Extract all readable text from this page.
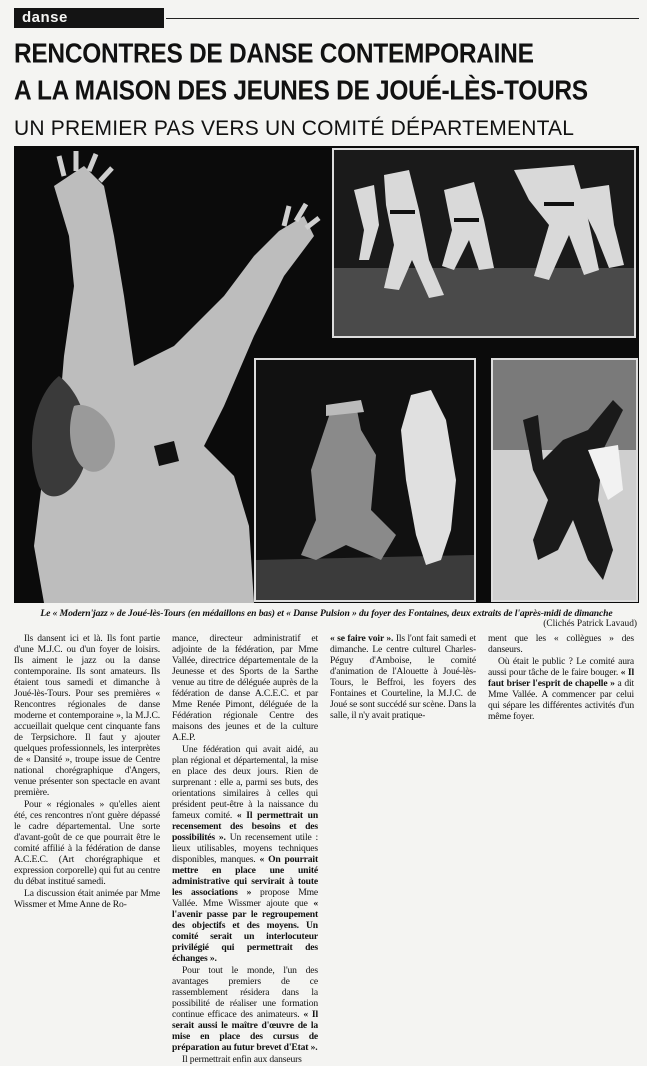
danse
RENCONTRES DE DANSE CONTEMPORAINE
A LA MAISON DES JEUNES DE JOUÉ-LÈS-TOURS
UN PREMIER PAS VERS UN COMITÉ DÉPARTEMENTAL
Le « Modern'jazz » de Joué-lès-Tours (en médaillons en bas) et « Danse Pulsion » du foyer des Fontaines, deux extraits de l'après-midi de dimanche
(Clichés Patrick Lavaud)

Ils dansent ici et là. Ils font partie d'une M.J.C. ou d'un foyer de loisirs. Ils aiment le jazz ou la danse contemporaine. Ils sont amateurs. Ils étaient tous samedi et dimanche à Joué-lès-Tours. Pour ses premières « Rencontres régionales de danse moderne et contemporaine », la M.J.C. accueillait quelque cent cinquante fans de Terpsichore. Il faut y ajouter quelques professionnels, les interprètes de « Dansité », troupe issue de Centre national chorégraphique d'Angers, venue présenter son spectacle en avant première.

Pour « régionales » qu'elles aient été, ces rencontres n'ont guère dépassé le cadre départemental. Une sorte d'avant-goût de ce que pourrait être le comité affilié à la fédération de danse A.C.E.C. (Art chorégraphique et expression corporelle) qui fut au centre du débat institué samedi.

La discussion était animée par Mme Wissmer et Mme Anne de Ro-

mance, directeur administratif et adjointe de la fédération, par Mme Vallée, directrice départementale de la Jeunesse et des Sports de la Sarthe venue au titre de déléguée auprès de la fédération de danse A.C.E.C. et par Mme Renée Pimont, déléguée de la Fédération régionale Centre des maisons des jeunes et de la culture A.E.P.

Une fédération qui avait aidé, au plan régional et départemental, la mise en place des deux jours. Rien de surprenant : elle a, parmi ses buts, des orientations similaires à celles qui président peut-être à la naissance du fameux comité. « Il permettrait un recensement des besoins et des possibilités ». Un recensement utile : lieux utilisables, moyens techniques disponibles, manques. « On pourrait mettre en place une unité administrative qui servirait à toute les associations » propose Mme Vallée. Mme Wissmer ajoute que « l'avenir passe par le regroupement des objectifs et des moyens. Un comité serait un interlocuteur privilégié qui permettrait des échanges ».

Pour tout le monde, l'un des avantages premiers de ce rassemblement résidera dans la possibilité de réaliser une formation continue efficace des animateurs. « Il serait aussi le maître d'œuvre de la mise en place des cursus de préparation au futur brevet d'Etat ».

Il permettrait enfin aux danseurs

« se faire voir ». Ils l'ont fait samedi et dimanche. Le centre culturel Charles-Péguy d'Amboise, le comité d'animation de l'Alouette à Joué-lès-Tours, le Beffroi, les foyers des Fontaines et Courteline, la M.J.C. de Joué se sont succédé sur scène. Dans la salle, il n'y avait pratique-

ment que les « collègues » des danseurs.

Où était le public ? Le comité aura aussi pour tâche de le faire bouger. « Il faut briser l'esprit de chapelle » a dit Mme Vallée. A commencer par celui qui sépare les différentes activités d'un même foyer.
